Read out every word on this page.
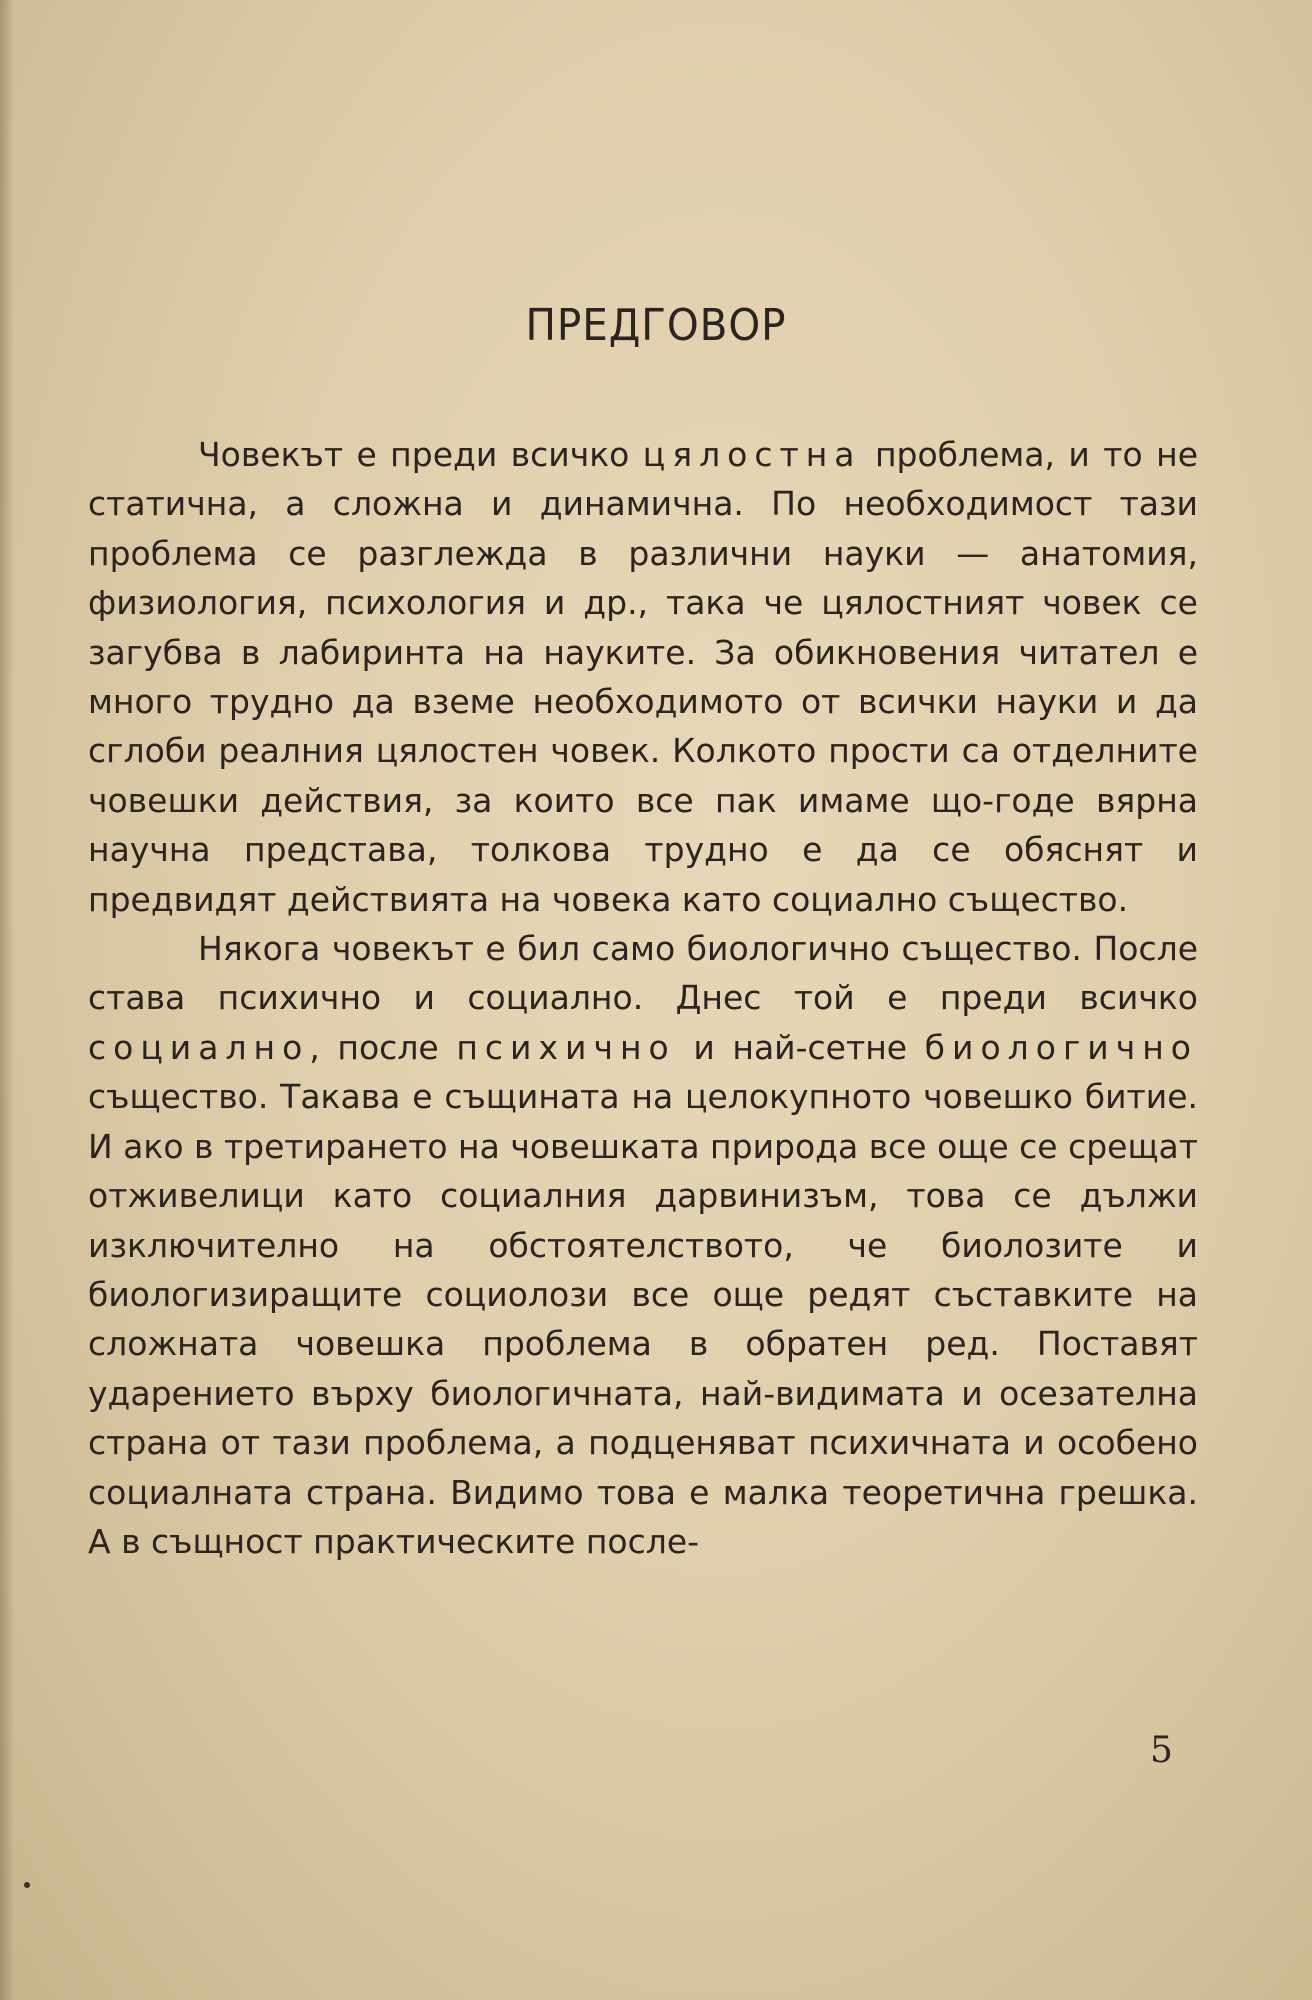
ПРЕДГОВОР

Човекът е преди всичко цялостна проблема, и то не статична, а сложна и динамична. По необходимост тази проблема се разглежда в различни науки — анатомия, физиология, психология и др., така че цялостният човек се загубва в лабиринта на науките. За обикновения читател е много трудно да вземе необходимото от всички науки и да сглоби реалния цялостен човек. Колкото прости са отделните човешки действия, за които все пак имаме що-годе вярна научна представа, толкова трудно е да се обяснят и предвидят действията на човека като социално същество.

Някога човекът е бил само биологично същество. После става психично и социално. Днес той е преди всичко социално, после психично и най-сетне биологично същество. Такава е същината на целокупното човешко битие. И ако в третирането на човешката природа все още се срещат отживелици като социалния дарвинизъм, това се дължи изключително на обстоятелството, че биолозите и биологизиращите социолози все още редят съставките на сложната човешка проблема в обратен ред. Поставят ударението върху биологичната, най-видимата и осезателна страна от тази проблема, а подценяват психичната и особено социалната страна. Видимо това е малка теоретична грешка. А в същност практическите после-

5
